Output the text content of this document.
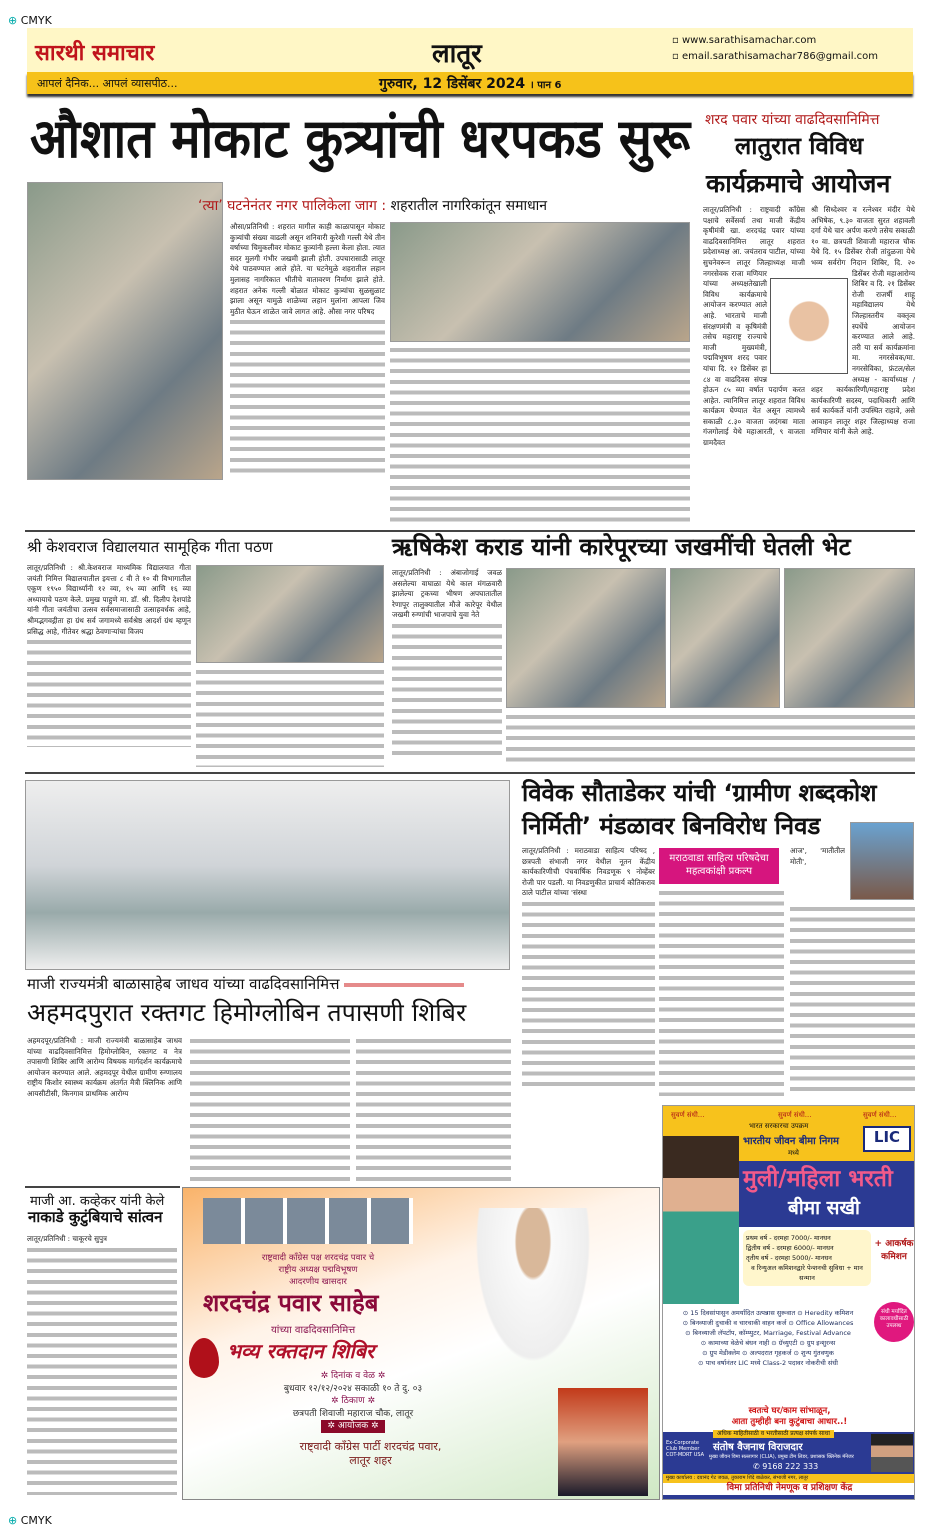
⊕ CMYK
⊕ CMYK
सारथी समाचार	लातूर	▫ www.sarathisamachar.com
▫ email.sarathisamachar786@gmail.com
आपलं दैनिक... आपलं व्यासपीठ...	गुरुवार, 12 डिसेंबर 2024 । पान 6
औशात मोकाट कुत्र्यांची धरपकड सुरू
‘त्या’ घटनेनंतर नगर पालिकेला जाग : शहरातील नागरिकांतून समाधान
औसा/प्रतिनिधी : शहरात मागील काही काळापासून मोकाट कुत्र्यांची संख्या वाढली असून शनिवारी कुरेशी गल्ली येथे तीन वर्षाच्या चिमुकलीवर मोकाट कुत्र्यांनी हल्ला केला होता. त्यात सदर मुलगी गंभीर जखमी झाली होती. उपचारासाठी लातूर येथे पाठवण्यात आले होते. या घटनेमुळे शहरातील लहान मुलासह नागरिकात भीतीचे वातावरण निर्माण झाले होते. शहरात अनेक गल्ली बोळात मोकाट कुत्र्यांचा सुळसुळाट झाला असून यामुळे शाळेच्या लहान मुलांना आपला जिव मुठीत घेऊन शाळेत जावे लागत आहे. औसा नगर परिषद
शरद पवार यांच्या वाढदिवसानिमित्त
लातुरात विविध
कार्यक्रमाचे आयोजन
लातूर/प्रतिनिधी : राष्ट्रवादी काँग्रेस पक्षाचे सर्वेसर्वा तथा माजी केंद्रीय कृषीमंत्री खा. शरदचंद्र पवार यांच्या वाढदिवसानिमित्त लातूर शहरात प्रदेशाध्यक्ष आ. जयंतराव पाटील, यांच्या सुचनेवरून लातूर जिल्हाध्यक्ष माजी नगरसेवक राजा मणियार यांच्या अध्यक्षतेखाली विविध कार्यक्रमाचे आयोजन करण्यात आले आहे. भारताचे माजी संरक्षणमंत्री व कृषिमंत्री तसेच महाराष्ट्र राज्याचे माजी मुख्यमंत्री, पद्मविभूषण शरद पवार यांचा दि. १२ डिसेंबर हा ८४ वा वाढदिवस संपन्न होऊन ८५ व्या वर्षात पदार्पण करत आहेत. त्यानिमित्त लातूर शहरात विविध कार्यक्रम घेण्यात येत असून त्यामध्ये सकाळी ८.३० वाजता जदंगबा माता गंजगोलाई येथे महाआरती, ९ वाजता ग्रामदैवत
श्री सिध्देश्वर व रत्नेश्वर मंदीर येथे अभिषेक, ९.३० वाजता सुरत शहावली दर्गा येथे चार अर्पण करणे तसेच सकाळी १० वा. छत्रपती शिवाजी महाराज चौक येथे दि. १५ डिसेंबर रोजी तांदुळजा येथे भव्य सर्वरोग निदान शिबिर, दि. २० डिसेंबर रोजी महाआरोग्य शिबिर व दि. २१ डिसेंबर रोजी राजर्षी शाहू महाविद्यालय येथे जिल्हास्तरीय वक्तृत्व स्पर्धेचे आयोजन करण्यात आले आहे. तरी या सर्व कार्यक्रमांना मा. नगरसेवक/मा. नगरसेविका, फ्रंटल/सेल अध्यक्ष - कार्याध्यक्ष / शहर कार्यकारिणी/महाराष्ट्र प्रदेश कार्यकारिणी सदस्य, पदाधिकारी आणि सर्व कार्यकर्ते यांनी उपस्थित राहावे, असे आवाहन लातूर शहर जिल्हाध्यक्ष राजा मणियार यांनी केले आहे.
श्री केशवराज विद्यालयात सामूहिक गीता पठण
लातूर/प्रतिनिधी : श्री.केशवराज माध्यमिक विद्यालयात गीता जयंती निमित्त विद्यालयातील इयत्ता ८ वी ते १० वी विभागातील एकूण १९५० विद्यार्थ्यांनी १२ व्या, १५ व्या आणि १६ व्या अध्यायाचे पठण केले. प्रमुख पाहुणे मा. डॉ. श्री. दिलीप देशपांडे यांनी गीता जयंतीचा उत्सव सर्वसमाजासाठी उत्साहवर्धक आहे, श्रीमद्भगवद्गीता हा ग्रंथ सर्व जगामध्ये सर्वश्रेष्ठ आदर्श ग्रंथ म्हणून प्रसिद्ध आहे, गीतेवर श्रद्धा ठेवणाऱ्यांचा विजय
ऋषिकेश कराड यांनी कारेपूरच्या जखमींची घेतली भेट
लातूर/प्रतिनिधी : अंबाजोगाई जवळ असलेल्या वाघाळा येथे काल मंगळवारी झालेल्या ट्रकच्या भीषण अपघातातील रेणापूर तालुक्यातील मौजे कारेपूर येथील जखमी रुग्णांची भाजपाचे युवा नेते
माजी राज्यमंत्री बाळासाहेब जाधव यांच्या वाढदिवसानिमित्त
अहमदपुरात रक्तगट हिमोग्लोबिन तपासणी शिबिर
अहमदपूर/प्रतिनिधी : माजी राज्यमंत्री बाळासाहेब जाधव यांच्या वाढदिवसानिमित्त हिमोग्लोबिन, रक्तगट व नेत्र तपासणी शिबिर आणि आरोग्य विषयक मार्गदर्शन कार्यक्रमाचे आयोजन करण्यात आले. अहमदपूर येथील ग्रामीण रुग्णालय राष्ट्रीय किशोर स्वास्थ्य कार्यक्रम अंतर्गत मैत्री क्लिनिक आणि आयसीटीसी, किनगाव प्राथमिक आरोग्य
विवेक सौताडेकर यांची ‘ग्रामीण शब्दकोश
निर्मिती’ मंडळावर बिनविरोध निवड
मराठवाडा साहित्य परिषदेचा महत्वकांक्षी प्रकल्प
लातूर/प्रतिनिधी : मराठवाडा साहित्य परिषद , छत्रपती संभाजी नगर येथील नूतन केंद्रीय कार्यकारिणीची पंचवार्षिक निवडणूक ९ नोव्हेंबर रोजी पार पडली. या निवडणुकीत प्राचार्य कौतिकराव ठाले पाटील यांच्या 'संस्था
आज', 'मातीतील मोती',
माजी आ. कव्हेकर यांनी केले
नाकाडे कुटुंबियाचे सांत्वन
लातूर/प्रतिनिधी : चाकूरचे सुपुत्र
राष्ट्रवादी काँग्रेस पक्ष शरदचंद्र पवार चे
राष्ट्रीय अध्यक्ष पद्मविभूषण
आदरणीय खासदार
शरदचंद्र पवार साहेब
यांच्या वाढदिवसानिमित्त
भव्य रक्तदान शिबिर
✲ दिनांक व वेळ ✲
बुधवार १२/१२/२०२४ सकाळी १० ते दु. ०३
✲ ठिकाण ✲
छत्रपती शिवाजी महाराज चौक, लातूर
✲ आयोजक ✲
राष्ट्वादी काँग्रेस पार्टी शरदचंद्र पवार,
लातूर शहर
LIC
सुवर्ण संधी...	सुवर्ण संधी...	सुवर्ण संधी...
भारत सरकारचा उपक्रम
भारतीय जीवन बीमा निगम
मध्ये
मुली/महिला भरती
बीमा सखी
प्रथम वर्ष - दरमहा 7000/- मानधन
द्वितीय वर्ष - दरमहा 6000/- मानधन
तृतीय वर्ष - दरमहा 5000/- मानधन
व रिन्युअल कमिशनद्वारे पेन्शनची सुविधा + मान सन्मान
+ आकर्षक कमिशन
संधी मर्यादित कालावधीसाठी उपलब्ध
⊙ 15 दिवसांपासुन अमर्यादित उत्पन्नास सुरूवात ⊙ Heredity कमिशन
⊙ बिनव्याजी दुचाकी व चारचाकी वाहन कर्ज ⊙ Office Allowances
⊙ बिनव्याजी लॅपटॉप, कॉम्प्युटर, Marriage, Festival Advance
⊙ कामाच्या वेळेचे बंधन नाही ⊙ ग्रॅच्युएटी ⊙ ग्रुप इन्शुरन्स
⊙ ग्रुप मेडीक्लेम ⊙ अल्पदरात गृहकर्ज ⊙ शुन्य गुंतवणुक
⊙ पाच वर्षानंतर LIC मध्ये Class-2 पदावर नोकरीची संधी
स्वतःचे घर/काम सांभाळून,
आता तुम्हीही बना कुटुंबाचा आधार..!
अधिक माहितीसाठी व भरतीसाठी प्रत्यक्ष संपर्क साधा
Ex-Corporate Club Member COT-MDRT USA
संतोष वैजनाथ विराजदार
मुख्य जीवन विमा सल्लागार (CLIA), प्रमुख टीम लिडर, प्रशासक क्लिनेक मॅनेजर
✆ 9168 222 333
मुख्य कार्यालय : दयानंद गेट जवळ, तुकाराम शिंदे बाळेकर, संभाजी नगर, लातूर
विमा प्रतिनिधी नेमणूक व प्रशिक्षण केंद्र
